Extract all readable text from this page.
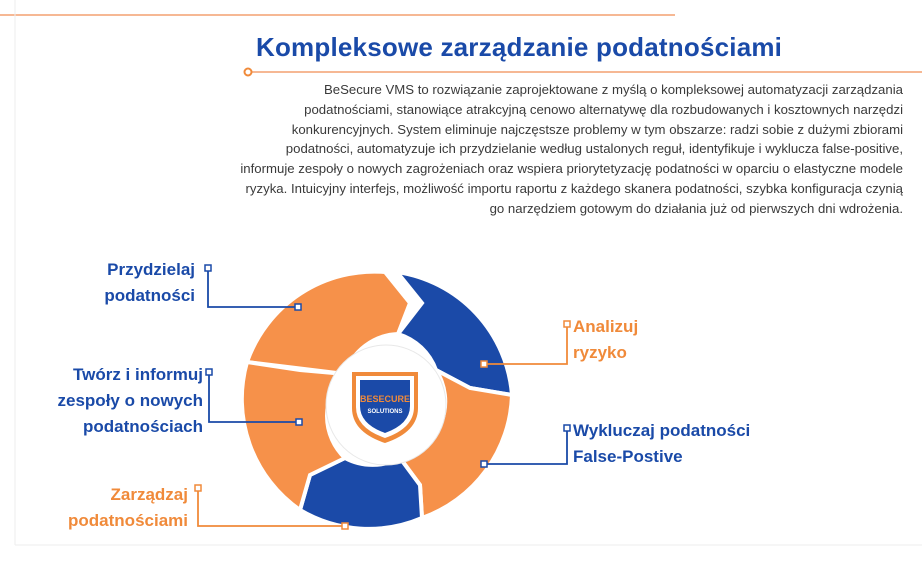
BESECURE
SOLUTIONS
Kompleksowe zarządzanie podatnościami
BeSecure VMS to rozwiązanie zaprojektowane z myślą o kompleksowej automatyzacji zarządzania podatnościami, stanowiące atrakcyjną cenowo alternatywę dla rozbudowanych i kosztownych narzędzi konkurencyjnych. System eliminuje najczęstsze problemy w tym obszarze: radzi sobie z dużymi zbiorami podatności, automatyzuje ich przydzielanie według ustalonych reguł, identyfikuje i wyklucza false-positive, informuje zespoły o nowych zagrożeniach oraz wspiera priorytetyzację podatności w oparciu o elastyczne modele ryzyka. Intuicyjny interfejs, możliwość importu raportu z każdego skanera podatności, szybka konfiguracja czynią go narzędziem gotowym do działania już od pierwszych dni wdrożenia.
Przydzielaj
podatności
Analizuj
ryzyko
Wykluczaj podatności
False-Postive
Zarządzaj
podatnościami
Twórz i informuj
zespoły o nowych
podatnościach
